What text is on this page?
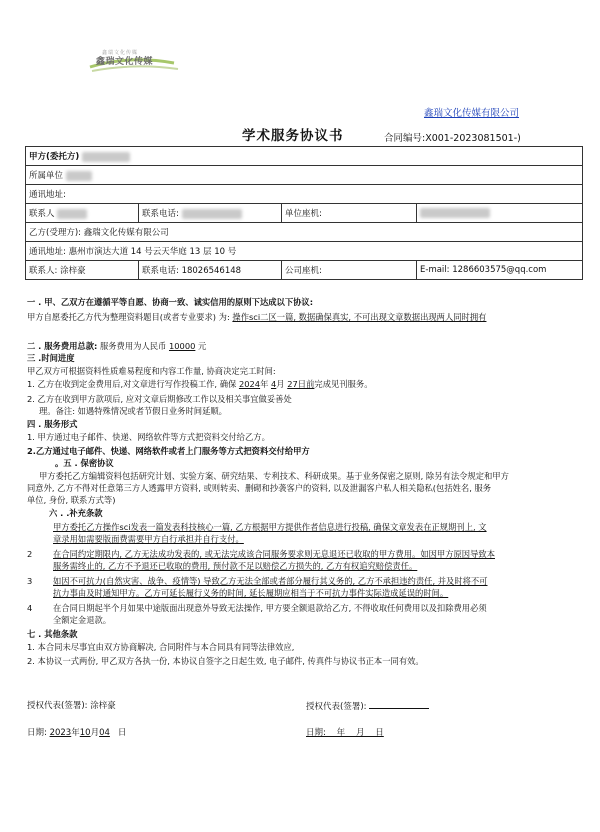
鑫瑞文化传媒
鑫瑞文化传媒
鑫瑞文化传媒有限公司
学术服务协议书	合同编号:X001-2023081501-)
甲方(委托方)			
所属单位			
通讯地址:			
联系人	联系电话:	单位座机:	
乙方(受理方): 鑫瑞文化传媒有限公司			
通讯地址: 惠州市演达大道 14 号云天华庭 13 层 10 号			
联系人: 涂梓豪	联系电话: 18026546148	公司座机:	E-mail: 1286603575@qq.com
一 . 甲、乙双方在遵循平等自愿、协商一致、诚实信用的原则下达成以下协议:
甲方自愿委托乙方代为整理资料题目(或者专业要求) 为: 操作sci二区一篇, 数据确保真实, 不可出现文章数据出现两人同时拥有
二 . 服务费用总款: 服务费用为人民币 10000 元
三 .时间进度
甲乙双方可根据资料性质难易程度和内容工作量, 协商决定完工时间:
1. 乙方在收到定金费用后,对文章进行写作投稿工作, 确保 2024年 4月 27日前完成见刊服务。
2. 乙方在收到甲方款项后, 应对文章后期修改工作以及相关事宜做妥善处
理。备注: 如遇特殊情况或者节假日业务时间延顺。
四 . 服务形式
1. 甲方通过电子邮件、快递、网络软件等方式把资料交付给乙方。
2.乙方通过电子邮件、快递、网络软件或者上门服务等方式把资料交付给甲方
。五 . 保密协议
甲方委托乙方编辑资料包括研究计划、实验方案、研究结果、专利技术、科研成果。基于业务保密之原则, 除另有法令规定和甲方
同意外, 乙方不得对任意第三方人透露甲方资料, 或则转卖、删砌和抄袭客户的资料, 以及泄漏客户私人相关隐私(包括姓名, 服务
单位, 身份, 联系方式等)
六 . .补充条款
甲方委托乙方操作sci发表一篇发表科技核心一篇, 乙方根据甲方提供作者信息进行投稿, 确保文章发表在正规期刊上, 文
章录用如需要版面费需要甲方自行承担并自行支付。
2 在合同约定期限内, 乙方无法成功发表的, 或无法完成该合同服务要求则无息退还已收取的甲方费用。如因甲方原因导致本
服务需终止的, 乙方不予退还已收取的费用, 预付款不足以赔偿乙方损失的, 乙方有权追究赔偿责任。
3 如因不可抗力(自然灾害、战争、疫情等) 导致乙方无法全部或者部分履行其义务的, 乙方不承担违约责任, 并及时将不可
抗力事由及时通知甲方。乙方可延长履行义务的时间, 延长履期应相当于不可抗力事件实际造成延误的时间。
4 在合同日期起半个月如果中途版面出现意外导致无法操作, 甲方要全额退款给乙方, 不得收取任何费用以及扣除费用必须
全额定金退款。
七 . 其他条款
1. 本合同未尽事宜由双方协商解决, 合同附件与本合同具有同等法律效应,
2. 本协议一式两份, 甲乙双方各执一份, 本协议自签字之日起生效, 电子邮件, 传真件与协议书正本一同有效。
授权代表(签署): 涂梓豪	授权代表(签署):
日期: 2023年10月04 日	日期:    年    月    日
